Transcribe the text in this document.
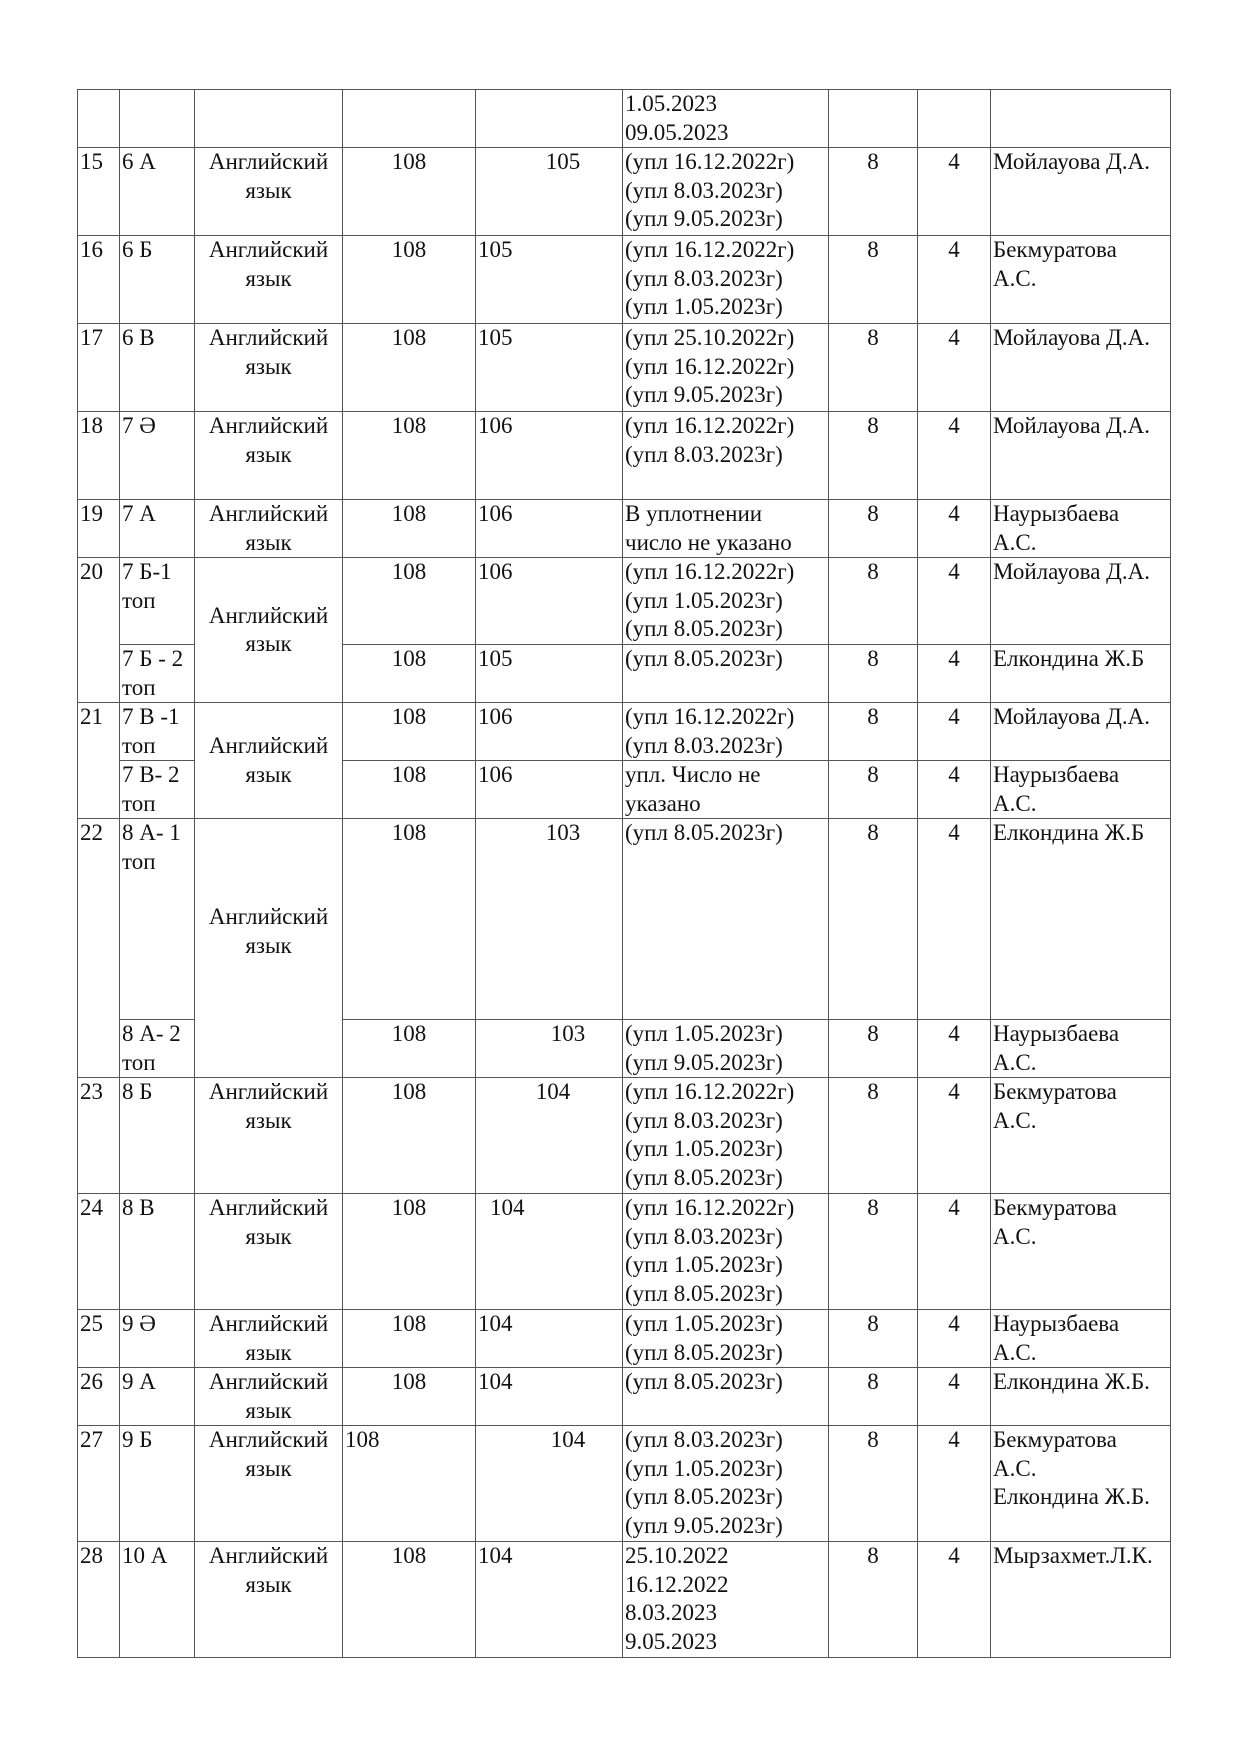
					1.05.2023
09.05.2023			
15	6 А	Английский
язык	108	105	(упл 16.12.2022г)
(упл 8.03.2023г)
(упл 9.05.2023г)	8	4	Мойлауова Д.А.
16	6 Б	Английский
язык	108	105	(упл 16.12.2022г)
(упл 8.03.2023г)
(упл 1.05.2023г)	8	4	Бекмуратова
А.С.
17	6 В	Английский
язык	108	105	(упл 25.10.2022г)
(упл 16.12.2022г)
(упл 9.05.2023г)	8	4	Мойлауова Д.А.
18	7 Ә	Английский
язык	108	106	(упл 16.12.2022г)
(упл 8.03.2023г)	8	4	Мойлауова Д.А.
19	7 А	Английский
язык	108	106	В уплотнении
число не указано	8	4	Наурызбаева
А.С.
20	7 Б-1
топ	Английский
язык	108	106	(упл 16.12.2022г)
(упл 1.05.2023г)
(упл 8.05.2023г)	8	4	Мойлауова Д.А.
	7 Б - 2
топ		108	105	(упл 8.05.2023г)	8	4	Елкондина Ж.Б
21	7 В -1
топ	Английский
язык	108	106	(упл 16.12.2022г)
(упл 8.03.2023г)	8	4	Мойлауова Д.А.
	7 В- 2
топ		108	106	упл. Число не
указано	8	4	Наурызбаева
А.С.
22	8 А- 1
топ	Английский
язык	108	103	(упл 8.05.2023г)	8	4	Елкондина Ж.Б
	8 А- 2
топ		108	103	(упл 1.05.2023г)
(упл 9.05.2023г)	8	4	Наурызбаева
А.С.
23	8 Б	Английский
язык	108	104	(упл 16.12.2022г)
(упл 8.03.2023г)
(упл 1.05.2023г)
(упл 8.05.2023г)	8	4	Бекмуратова
А.С.
24	8 В	Английский
язык	108	104	(упл 16.12.2022г)
(упл 8.03.2023г)
(упл 1.05.2023г)
(упл 8.05.2023г)	8	4	Бекмуратова
А.С.
25	9 Ә	Английский
язык	108	104	(упл 1.05.2023г)
(упл 8.05.2023г)	8	4	Наурызбаева
А.С.
26	9 А	Английский
язык	108	104	(упл 8.05.2023г)	8	4	Елкондина Ж.Б.
27	9 Б	Английский
язык	108	104	(упл 8.03.2023г)
(упл 1.05.2023г)
(упл 8.05.2023г)
(упл 9.05.2023г)	8	4	Бекмуратова
А.С.
Елкондина Ж.Б.
28	10 А	Английский
язык	108	104	25.10.2022
16.12.2022
8.03.2023
9.05.2023	8	4	Мырзахмет.Л.К.
